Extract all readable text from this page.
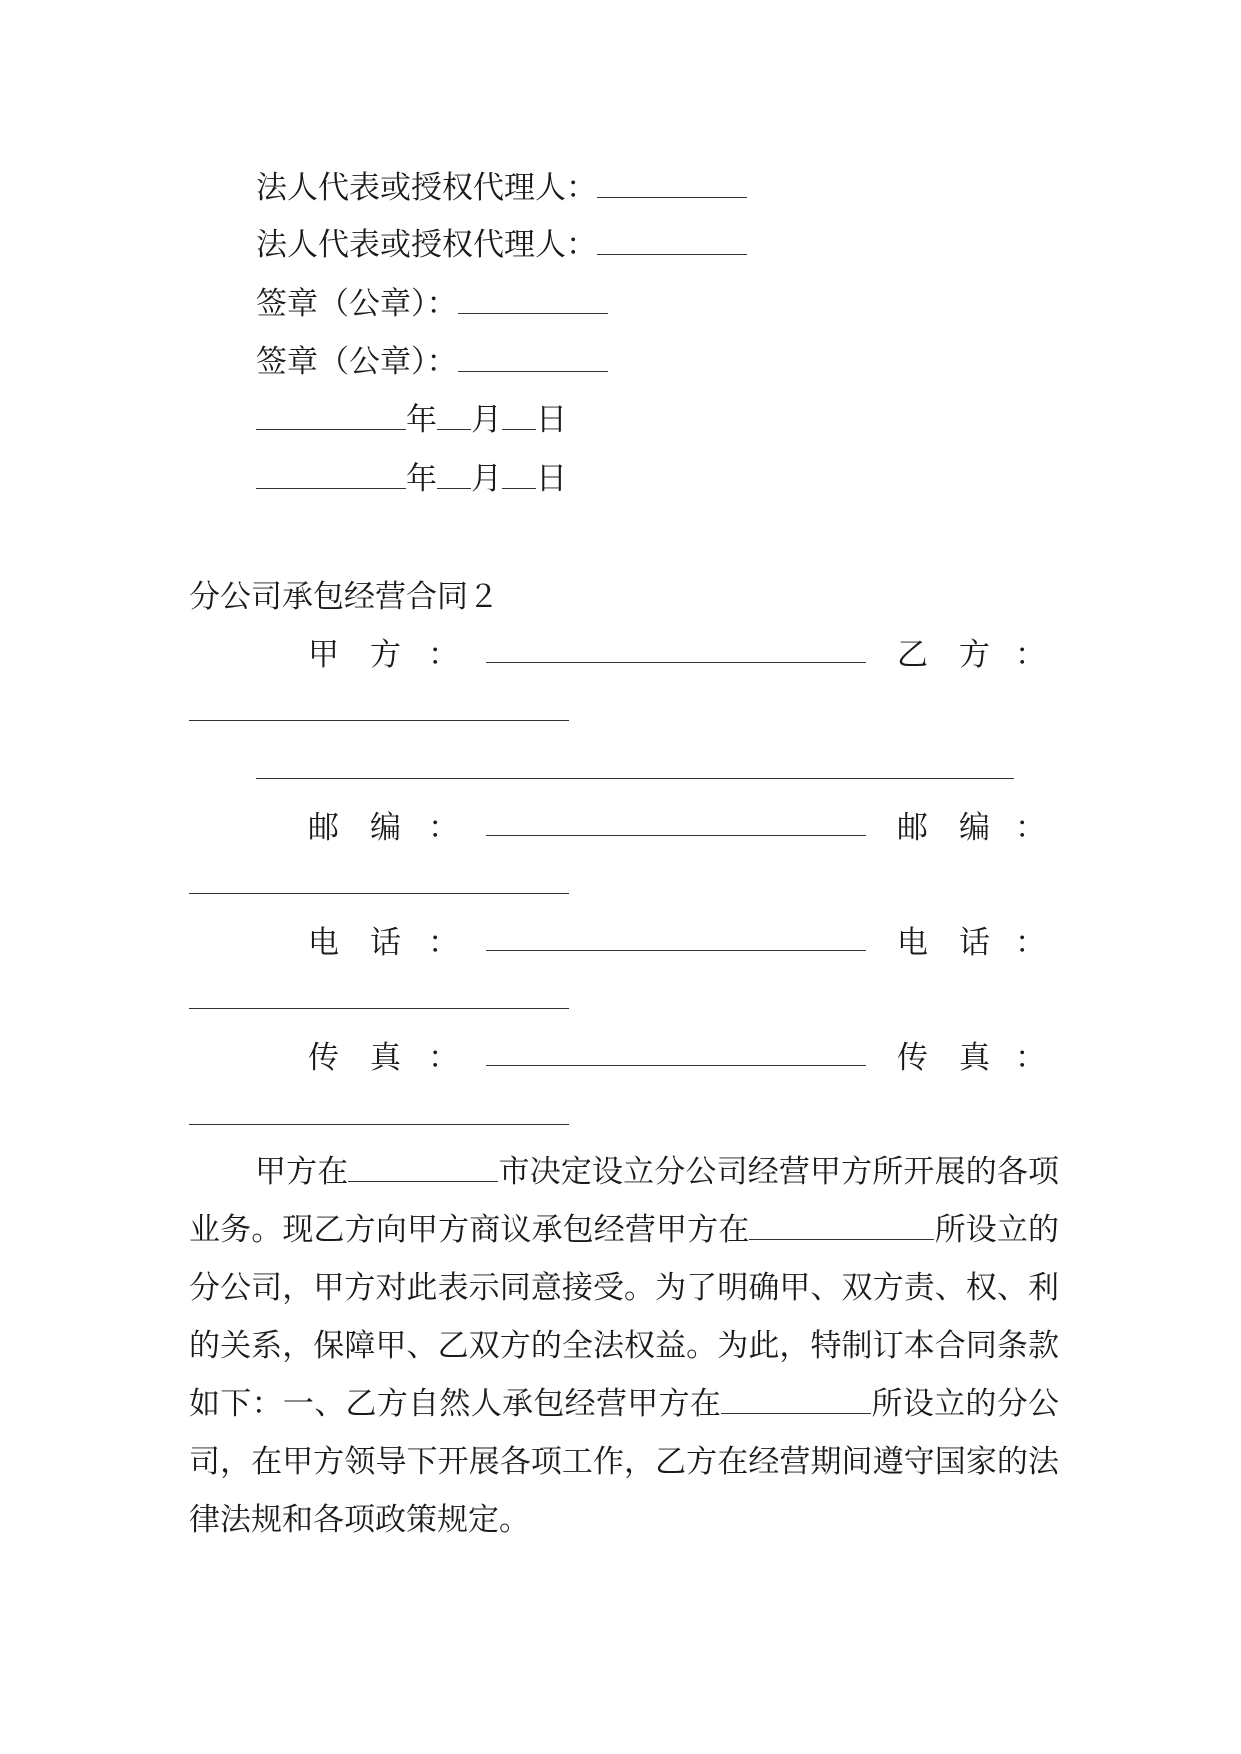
法人代表或授权代理人：
法人代表或授权代理人：
签章（公章）：
签章（公章）：
年 月 日
年 月 日
分公司承包经营合同２
甲　方 ：	乙　方 ：
邮　编 ：	邮　编 ：
电　话 ：	电　话 ：
传　真 ：	传　真 ：
甲方在	市决定设立分公司经营甲方所开展的各项业务。现乙方向甲方商议承包经营甲方在	所设立的分公司，甲方对此表示同意接受。为了明确甲、双方责、权、利的关系，保障甲、乙双方的全法权益。为此，特制订本合同条款如下：一、乙方自然人承包经营甲方在	所设立的分公司，在甲方领导下开展各项工作，乙方在经营期间遵守国家的法律法规和各项政策规定。
